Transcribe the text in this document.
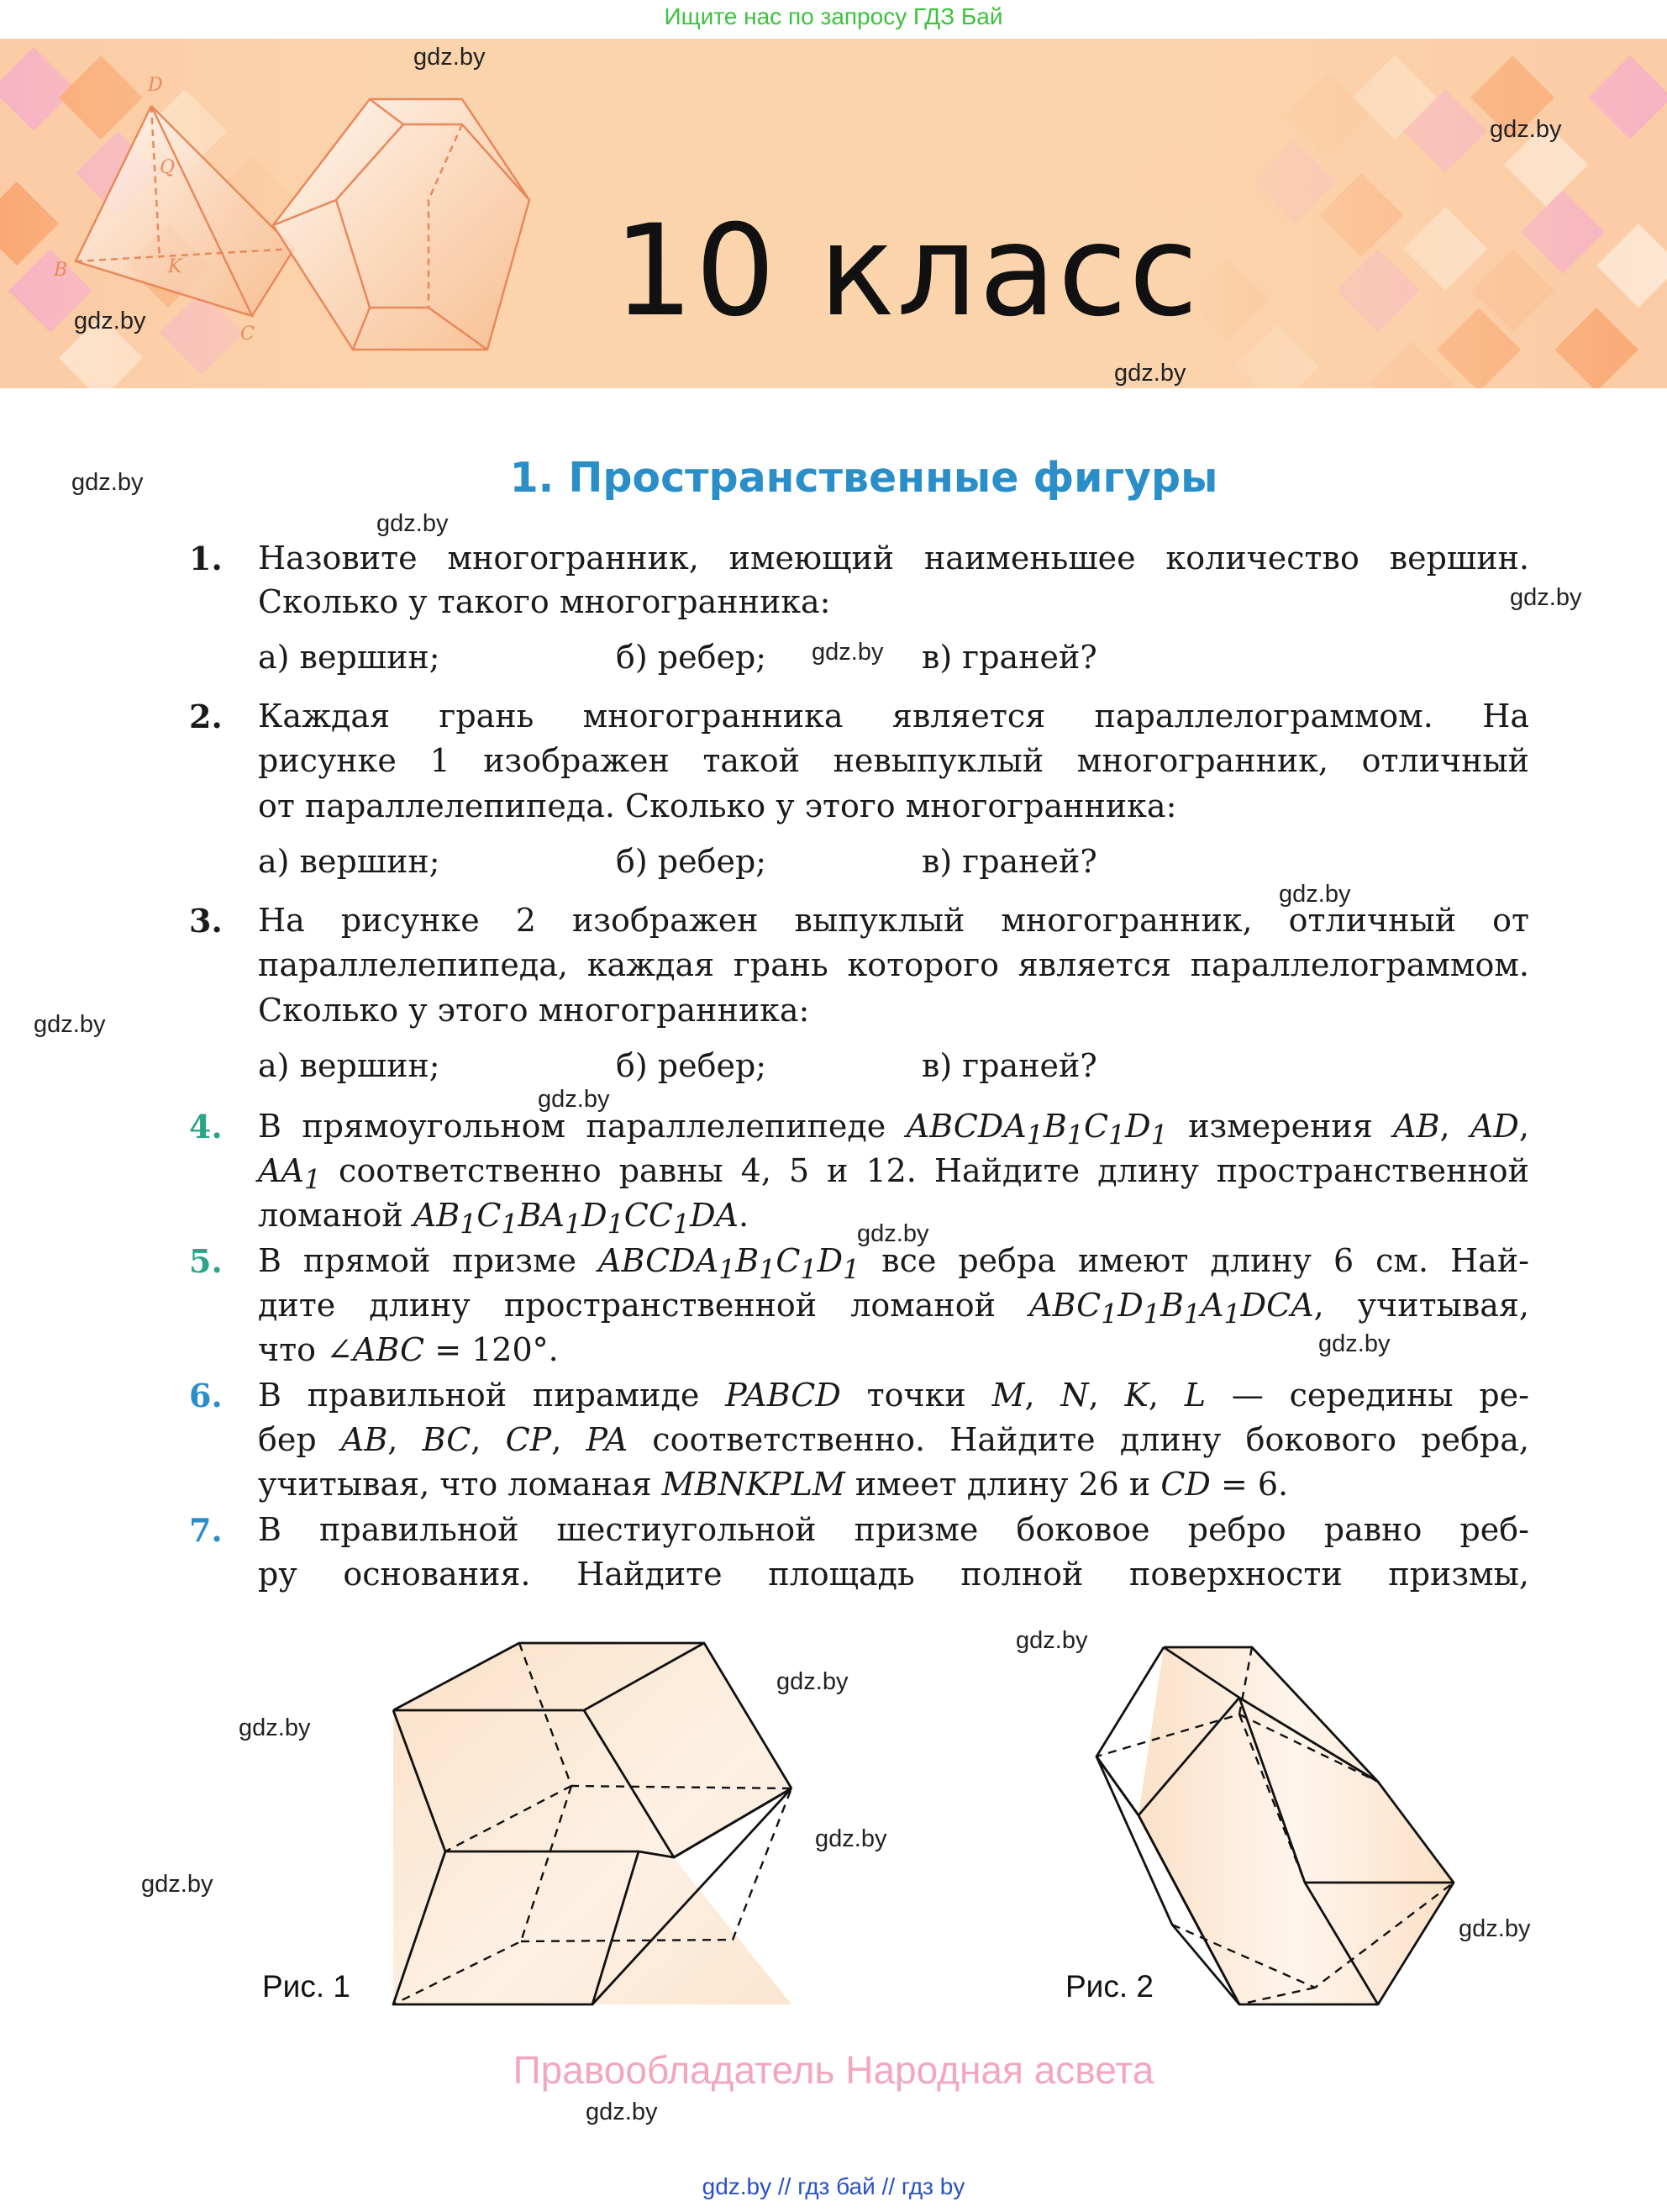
Ищите нас по запросу ГДЗ Бай
D
Q
K
B
C	10 класс
1. Пространственные фигуры
1.	Назовите многогранник, имеющий наименьшее количество вершин.
Сколько у такого многогранника:
а) вершин;	б) ребер;	в) граней?
2.	Каждая грань многогранника является параллелограммом. На
рисунке 1 изображен такой невыпуклый многогранник, отличный
от параллелепипеда. Сколько у этого многогранника:
а) вершин;	б) ребер;	в) граней?
3.	На рисунке 2 изображен выпуклый многогранник, отличный от
параллелепипеда, каждая грань которого является параллелограммом.
Сколько у этого многогранника:
а) вершин;	б) ребер;	в) граней?
4.	В прямоугольном параллелепипеде $ABCDA_1B_1C_1D_1$ измерения AB, AD,
$AA_1$ соответственно равны 4, 5 и 12. Найдите длину пространственной
ломаной $AB_1C_1BA_1D_1CC_1DA$.
5.	В прямой призме $ABCDA_1B_1C_1D_1$ все ребра имеют длину 6 см. Най-
дите длину пространственной ломаной $ABC_1D_1B_1A_1DCA$, учитывая,
что ∠ABC = 120°.
6.	В правильной пирамиде PABCD точки M, N, K, L — середины ре-
бер AB, BC, CP, PA соответственно. Найдите длину бокового ребра,
учитывая, что ломаная MBNKPLM имеет длину 26 и CD = 6.
7.	В правильной шестиугольной призме боковое ребро равно реб-
ру основания. Найдите площадь полной поверхности призмы,
Рис. 1	Рис. 2
gdz.by
gdz.by
gdz.by
gdz.by
gdz.by
gdz.by
gdz.by
gdz.by
gdz.by
gdz.by
gdz.by
gdz.by
gdz.by
gdz.by
gdz.by
gdz.by
gdz.by
gdz.by
gdz.by
gdz.by
Правообладатель Народная асвета
gdz.by // гдз бай // гдз by
